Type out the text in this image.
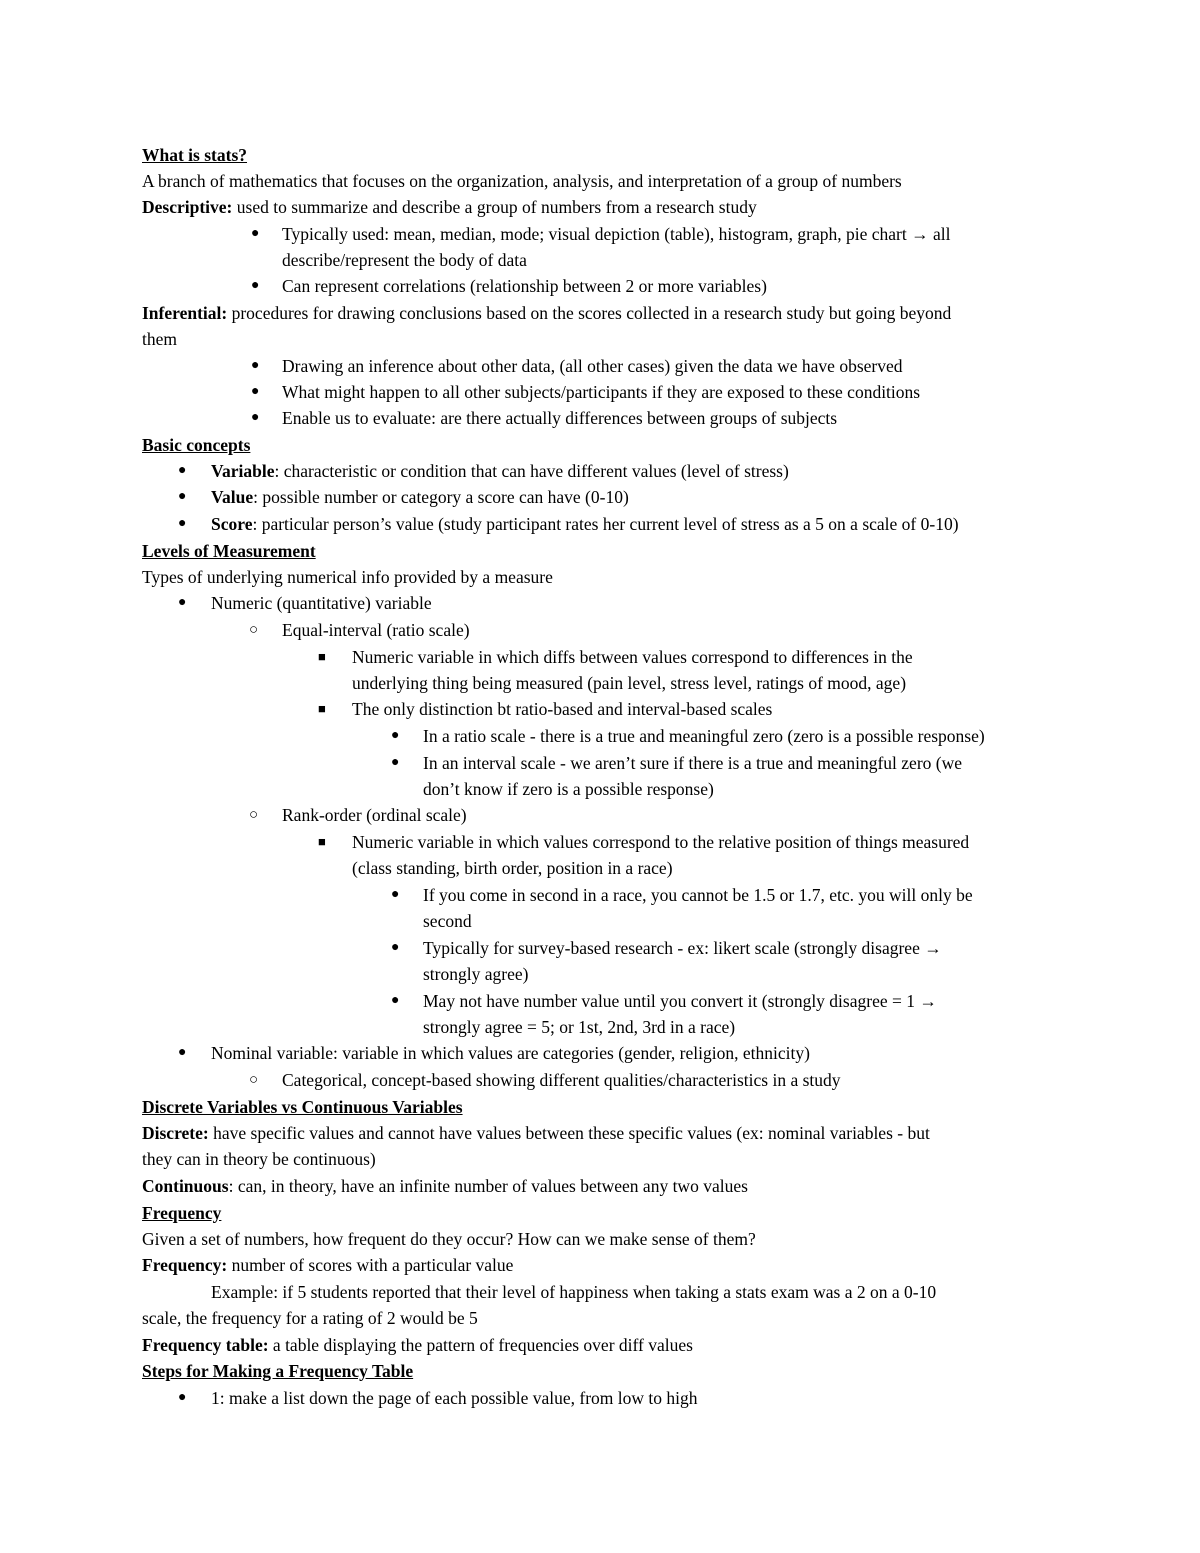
What is stats?
A branch of mathematics that focuses on the organization, analysis, and interpretation of a group of numbers
Descriptive: used to summarize and describe a group of numbers from a research study
● Typically used: mean, median, mode; visual depiction (table), histogram, graph, pie chart → all
describe/represent the body of data
● Can represent correlations (relationship between 2 or more variables)
Inferential: procedures for drawing conclusions based on the scores collected in a research study but going beyond
them
● Drawing an inference about other data, (all other cases) given the data we have observed
● What might happen to all other subjects/participants if they are exposed to these conditions
● Enable us to evaluate: are there actually differences between groups of subjects
Basic concepts
● Variable: characteristic or condition that can have different values (level of stress)
● Value: possible number or category a score can have (0-10)
● Score: particular person’s value (study participant rates her current level of stress as a 5 on a scale of 0-10)
Levels of Measurement
Types of underlying numerical info provided by a measure
● Numeric (quantitative) variable
○ Equal-interval (ratio scale)
■ Numeric variable in which diffs between values correspond to differences in the
underlying thing being measured (pain level, stress level, ratings of mood, age)
■ The only distinction bt ratio-based and interval-based scales
● In a ratio scale - there is a true and meaningful zero (zero is a possible response)
● In an interval scale - we aren’t sure if there is a true and meaningful zero (we
don’t know if zero is a possible response)
○ Rank-order (ordinal scale)
■ Numeric variable in which values correspond to the relative position of things measured
(class standing, birth order, position in a race)
● If you come in second in a race, you cannot be 1.5 or 1.7, etc. you will only be
second
● Typically for survey-based research - ex: likert scale (strongly disagree →
strongly agree)
● May not have number value until you convert it (strongly disagree = 1 →
strongly agree = 5; or 1st, 2nd, 3rd in a race)
● Nominal variable: variable in which values are categories (gender, religion, ethnicity)
○ Categorical, concept-based showing different qualities/characteristics in a study
Discrete Variables vs Continuous Variables
Discrete: have specific values and cannot have values between these specific values (ex: nominal variables - but
they can in theory be continuous)
Continuous: can, in theory, have an infinite number of values between any two values
Frequency
Given a set of numbers, how frequent do they occur? How can we make sense of them?
Frequency: number of scores with a particular value
Example: if 5 students reported that their level of happiness when taking a stats exam was a 2 on a 0-10
scale, the frequency for a rating of 2 would be 5
Frequency table: a table displaying the pattern of frequencies over diff values
Steps for Making a Frequency Table
● 1: make a list down the page of each possible value, from low to high
